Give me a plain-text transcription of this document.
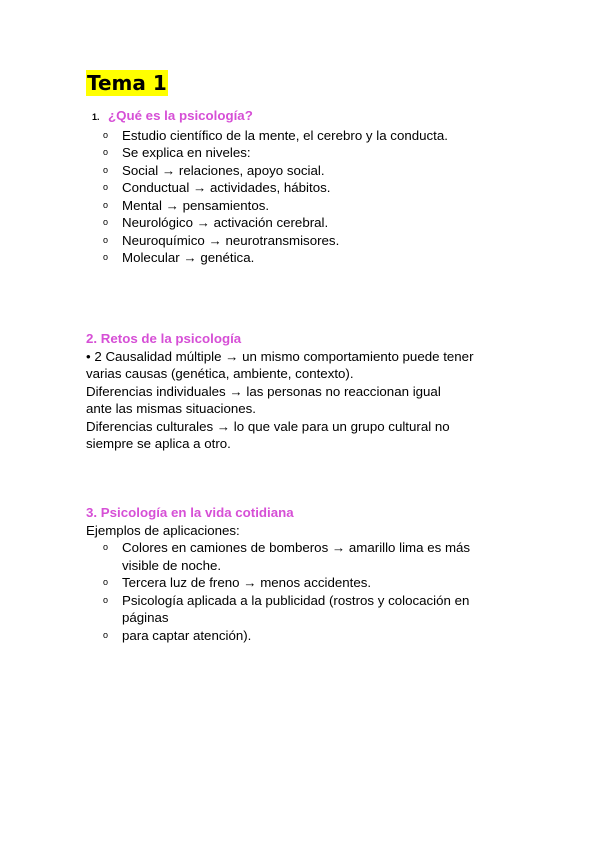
Tema 1
1. ¿Qué es la psicología?
o Estudio científico de la mente, el cerebro y la conducta.
o Se explica en niveles:
o Social → relaciones, apoyo social.
o Conductual → actividades, hábitos.
o Mental → pensamientos.
o Neurológico → activación cerebral.
o Neuroquímico → neurotransmisores.
o Molecular → genética.
2. Retos de la psicología
• 2 Causalidad múltiple → un mismo comportamiento puede tener
varias causas (genética, ambiente, contexto).
Diferencias individuales → las personas no reaccionan igual
ante las mismas situaciones.
Diferencias culturales → lo que vale para un grupo cultural no
siempre se aplica a otro.
3. Psicología en la vida cotidiana
Ejemplos de aplicaciones:
o Colores en camiones de bomberos → amarillo lima es más visible de noche.
o Tercera luz de freno → menos accidentes.
o Psicología aplicada a la publicidad (rostros y colocación en páginas
o para captar atención).
